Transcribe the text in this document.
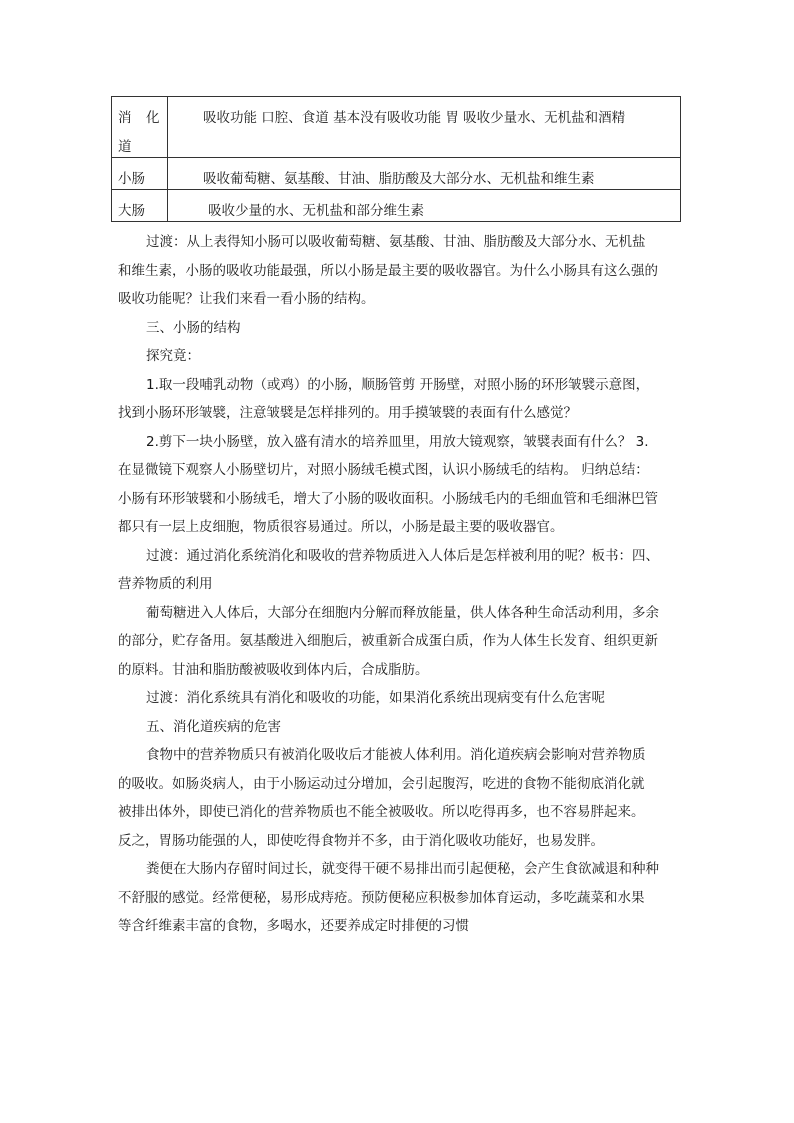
消 化
道	吸收功能 口腔、食道 基本没有吸收功能 胃 吸收少量水、无机盐和酒精

小肠	吸收葡萄糖、氨基酸、甘油、脂肪酸及大部分水、无机盐和维生素

大肠	吸收少量的水、无机盐和部分维生素
过渡：从上表得知小肠可以吸收葡萄糖、氨基酸、甘油、脂肪酸及大部分水、无机盐
和维生素，小肠的吸收功能最强，所以小肠是最主要的吸收器官。为什么小肠具有这么强的
吸收功能呢？让我们来看一看小肠的结构。
三、小肠的结构
探究竟：
1.取一段哺乳动物（或鸡）的小肠，顺肠管剪 开肠壁，对照小肠的环形皱襞示意图，
找到小肠环形皱襞，注意皱襞是怎样排列的。用手摸皱襞的表面有什么感觉？
2.剪下一块小肠壁，放入盛有清水的培养皿里，用放大镜观察，皱襞表面有什么？ 3.
在显微镜下观察人小肠壁切片，对照小肠绒毛模式图，认识小肠绒毛的结构。 归纳总结：
小肠有环形皱襞和小肠绒毛，增大了小肠的吸收面积。小肠绒毛内的毛细血管和毛细淋巴管
都只有一层上皮细胞，物质很容易通过。所以，小肠是最主要的吸收器官。
过渡：通过消化系统消化和吸收的营养物质进入人体后是怎样被利用的呢？板书：四、
营养物质的利用
葡萄糖进入人体后，大部分在细胞内分解而释放能量，供人体各种生命活动利用，多余
的部分，贮存备用。氨基酸进入细胞后，被重新合成蛋白质，作为人体生长发育、组织更新
的原料。甘油和脂肪酸被吸收到体内后，合成脂肪。
过渡：消化系统具有消化和吸收的功能，如果消化系统出现病变有什么危害呢
五、消化道疾病的危害
食物中的营养物质只有被消化吸收后才能被人体利用。消化道疾病会影响对营养物质
的吸收。如肠炎病人，由于小肠运动过分增加，会引起腹泻，吃进的食物不能彻底消化就
被排出体外，即使已消化的营养物质也不能全被吸收。所以吃得再多，也不容易胖起来。
反之，胃肠功能强的人，即使吃得食物并不多，由于消化吸收功能好，也易发胖。
粪便在大肠内存留时间过长，就变得干硬不易排出而引起便秘，会产生食欲减退和种种
不舒服的感觉。经常便秘，易形成痔疮。预防便秘应积极参加体育运动，多吃蔬菜和水果
等含纤维素丰富的食物，多喝水，还要养成定时排便的习惯
